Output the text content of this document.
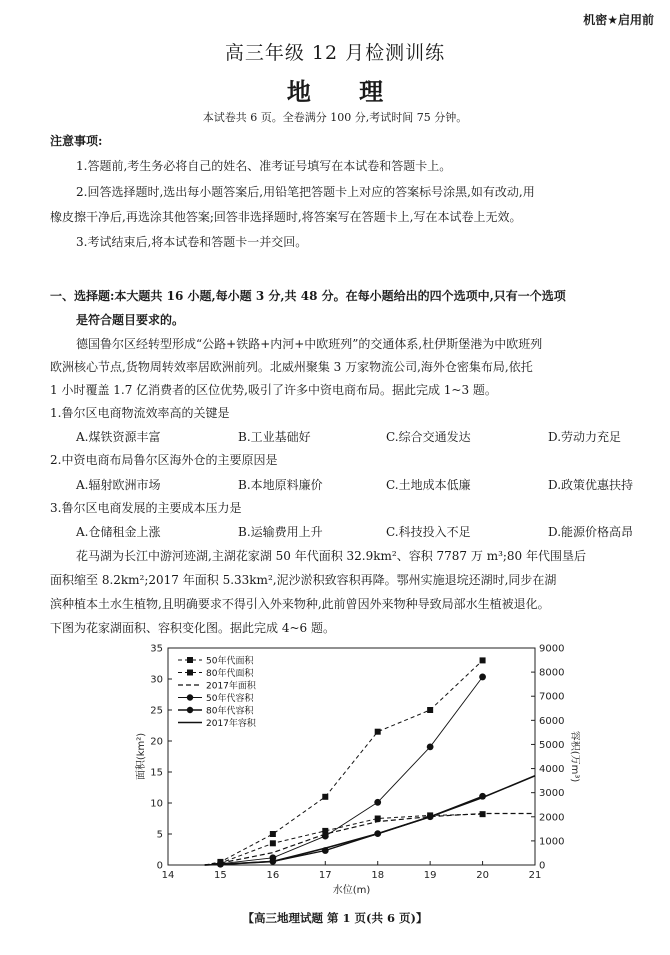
机密★启用前
高三年级 12 月检测训练
地 理
本试卷共 6 页。全卷满分 100 分,考试时间 75 分钟。
注意事项:
1.答题前,考生务必将自己的姓名、准考证号填写在本试卷和答题卡上。
2.回答选择题时,选出每小题答案后,用铅笔把答题卡上对应的答案标号涂黑,如有改动,用
橡皮擦干净后,再选涂其他答案;回答非选择题时,将答案写在答题卡上,写在本试卷上无效。
3.考试结束后,将本试卷和答题卡一并交回。
一、选择题:本大题共 16 小题,每小题 3 分,共 48 分。在每小题给出的四个选项中,只有一个选项
是符合题目要求的。
德国鲁尔区经转型形成“公路+铁路+内河+中欧班列”的交通体系,杜伊斯堡港为中欧班列
欧洲核心节点,货物周转效率居欧洲前列。北威州聚集 3 万家物流公司,海外仓密集布局,依托
1 小时覆盖 1.7 亿消费者的区位优势,吸引了许多中资电商布局。据此完成 1~3 题。
1.鲁尔区电商物流效率高的关键是
A.煤铁资源丰富	B.工业基础好	C.综合交通发达	D.劳动力充足
2.中资电商布局鲁尔区海外仓的主要原因是
A.辐射欧洲市场	B.本地原料廉价	C.土地成本低廉	D.政策优惠扶持
3.鲁尔区电商发展的主要成本压力是
A.仓储租金上涨	B.运输费用上升	C.科技投入不足	D.能源价格高昂
花马湖为长江中游河迹湖,主湖花家湖 50 年代面积 32.9km²、容积 7787 万 m³;80 年代围垦后
面积缩至 8.2km²;2017 年面积 5.33km²,泥沙淤积致容积再降。鄂州实施退垸还湖时,同步在湖
滨种植本土水生植物,且明确要求不得引入外来物种,此前曾因外来物种导致局部水生植被退化。
下图为花家湖面积、容积变化图。据此完成 4~6 题。
14	15	16	17	18	19	20	21
0
5
10
15
20
25
30
35
0
1000
2000
3000
4000
5000
6000
7000
8000
9000
水位(m)
面积(km²)	容积(万m³)
50年代面积
80年代面积
2017年面积
50年代容积
80年代容积
2017年容积
【高三地理试题 第 1 页(共 6 页)】
